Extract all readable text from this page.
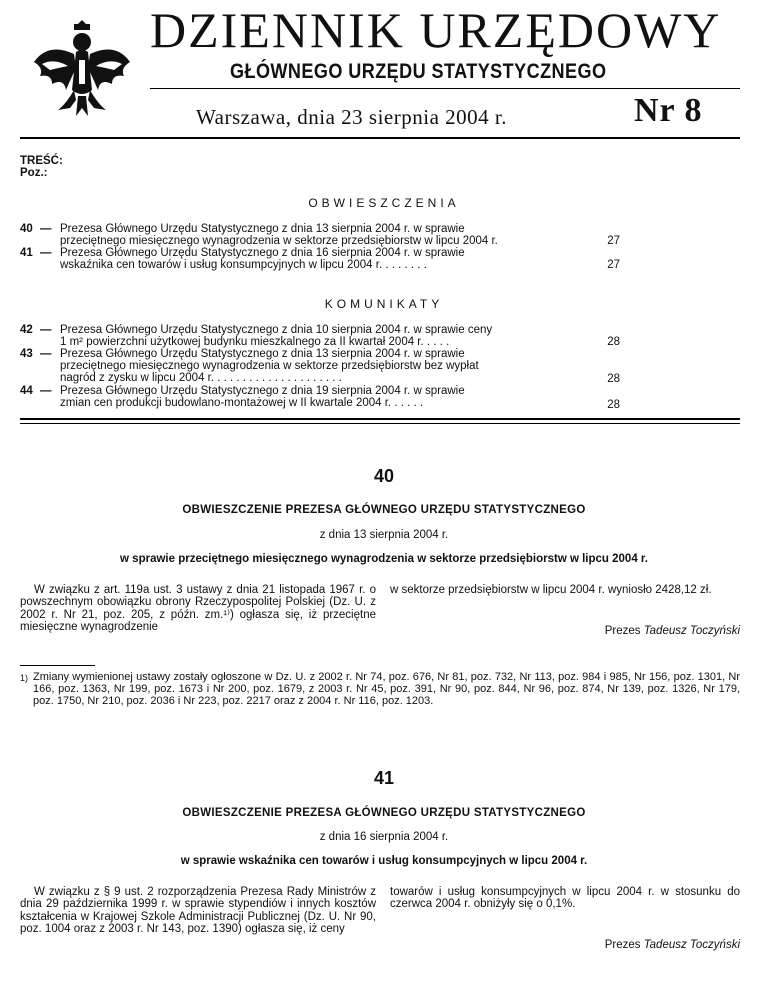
DZIENNIK URZĘDOWY
GŁÓWNEGO URZĘDU STATYSTYCZNEGO
Warszawa, dnia 23 sierpnia 2004 r.	Nr 8
TREŚĆ:
Poz.:
OBWIESZCZENIA
40 — Prezesa Głównego Urzędu Statystycznego z dnia 13 sierpnia 2004 r. w sprawie
przeciętnego miesięcznego wynagrodzenia w sektorze przedsiębiorstw w lipcu 2004 r.	27
41 — Prezesa Głównego Urzędu Statystycznego z dnia 16 sierpnia 2004 r. w sprawie
wskaźnika cen towarów i usług konsumpcyjnych w lipcu 2004 r. . . . . . . .	27
KOMUNIKATY
42 — Prezesa Głównego Urzędu Statystycznego z dnia 10 sierpnia 2004 r. w sprawie ceny
1 m² powierzchni użytkowej budynku mieszkalnego za II kwartał 2004 r. . . . .	28
43 — Prezesa Głównego Urzędu Statystycznego z dnia 13 sierpnia 2004 r. w sprawie
przeciętnego miesięcznego wynagrodzenia w sektorze przedsiębiorstw bez wypłat
nagród z zysku w lipcu 2004 r. . . . . . . . . . . . . . . . . . . . .	28
44 — Prezesa Głównego Urzędu Statystycznego z dnia 19 sierpnia 2004 r. w sprawie
zmian cen produkcji budowlano-montażowej w II kwartale 2004 r. . . . . .	28
40
OBWIESZCZENIE PREZESA GŁÓWNEGO URZĘDU STATYSTYCZNEGO
z dnia 13 sierpnia 2004 r.
w sprawie przeciętnego miesięcznego wynagrodzenia w sektorze przedsiębiorstw w lipcu 2004 r.
W związku z art. 119a ust. 3 ustawy z dnia 21 listopada 1967 r. o powszechnym obowiązku obrony Rzeczypospolitej Polskiej (Dz. U. z 2002 r. Nr 21, poz. 205, z późn. zm.¹⁾) ogłasza się, iż przeciętne miesięczne wynagrodzenie
w sektorze przedsiębiorstw w lipcu 2004 r. wyniosło 2428,12 zł.
Prezes Tadeusz Toczyński
1) Zmiany wymienionej ustawy zostały ogłoszone w Dz. U. z 2002 r. Nr 74, poz. 676, Nr 81, poz. 732, Nr 113, poz. 984 i 985, Nr 156, poz. 1301, Nr 166, poz. 1363, Nr 199, poz. 1673 i Nr 200, poz. 1679, z 2003 r. Nr 45, poz. 391, Nr 90, poz. 844, Nr 96, poz. 874, Nr 139, poz. 1326, Nr 179, poz. 1750, Nr 210, poz. 2036 i Nr 223, poz. 2217 oraz z 2004 r. Nr 116, poz. 1203.
41
OBWIESZCZENIE PREZESA GŁÓWNEGO URZĘDU STATYSTYCZNEGO
z dnia 16 sierpnia 2004 r.
w sprawie wskaźnika cen towarów i usług konsumpcyjnych w lipcu 2004 r.
W związku z § 9 ust. 2 rozporządzenia Prezesa Rady Ministrów z dnia 29 października 1999 r. w sprawie stypendiów i innych kosztów kształcenia w Krajowej Szkole Administracji Publicznej (Dz. U. Nr 90, poz. 1004 oraz z 2003 r. Nr 143, poz. 1390) ogłasza się, iż ceny
towarów i usług konsumpcyjnych w lipcu 2004 r. w stosunku do czerwca 2004 r. obniżyły się o 0,1%.
Prezes Tadeusz Toczyński
